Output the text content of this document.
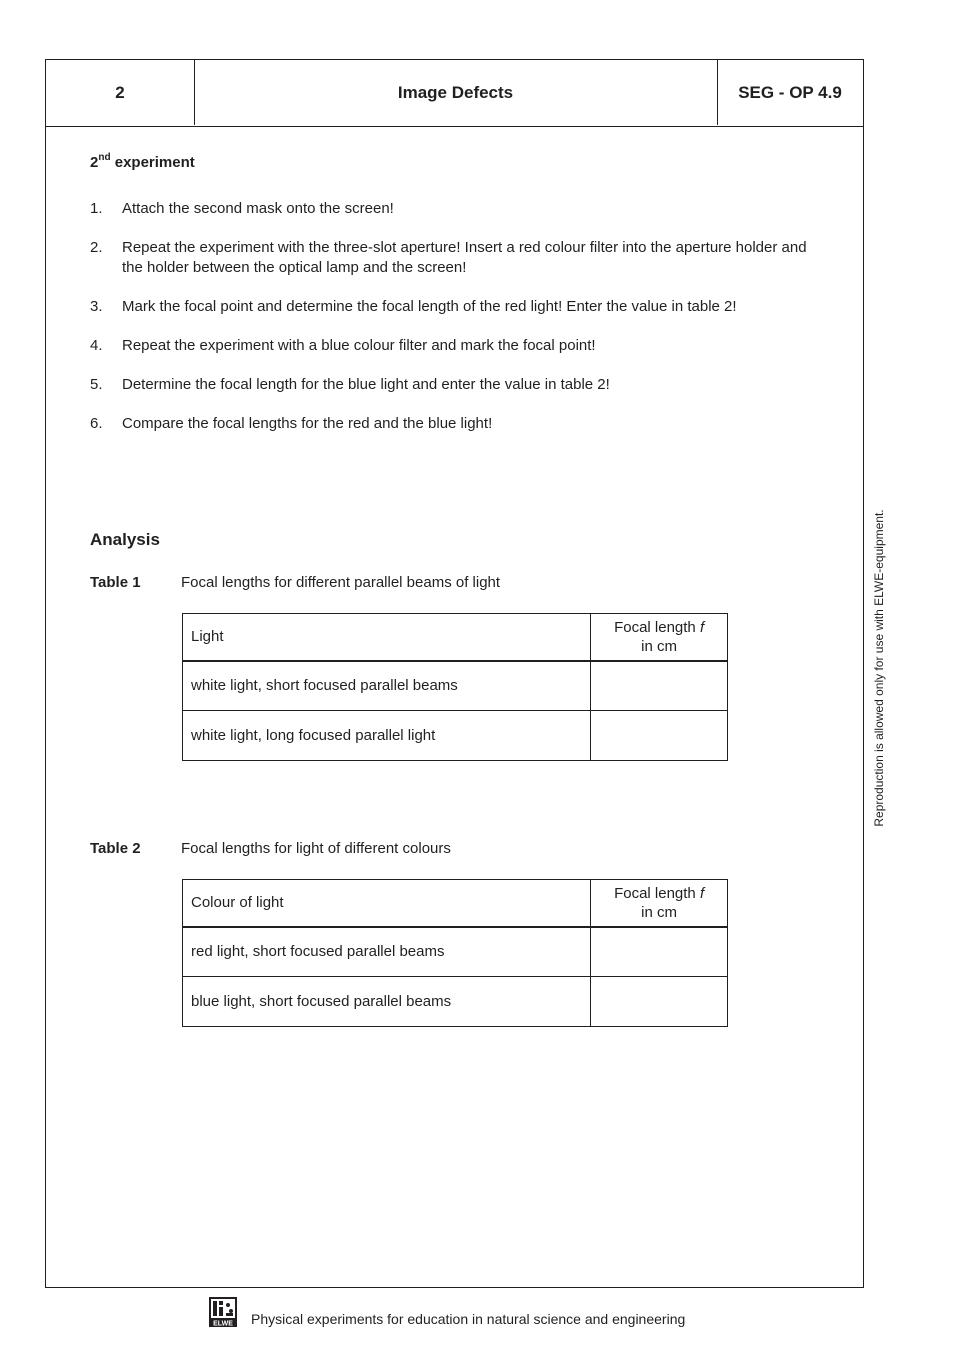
2	Image Defects	SEG - OP 4.9
2nd experiment
1.	Attach the second mask onto the screen!
2.	Repeat the experiment with the three-slot aperture! Insert a red colour filter into the aperture holder and the holder between the optical lamp and the screen!
3.	Mark the focal point and determine the focal length of the red light! Enter the value in table 2!
4.	Repeat the experiment with a blue colour filter and mark the focal point!
5.	Determine the focal length for the blue light and enter the value in table 2!
6.	Compare the focal lengths for the red and the blue light!
Analysis
Table 1	Focal lengths for different parallel beams of light
Light	Focal length f
in cm
white light, short focused parallel beams	
white light, long focused parallel light	
Table 2	Focal lengths for light of different colours
Colour of light	Focal length f
in cm
red light, short focused parallel beams	
blue light, short focused parallel beams	
Reproduction is allowed only for use with ELWE-equipment.
ELWE Physical experiments for education in natural science and engineering
